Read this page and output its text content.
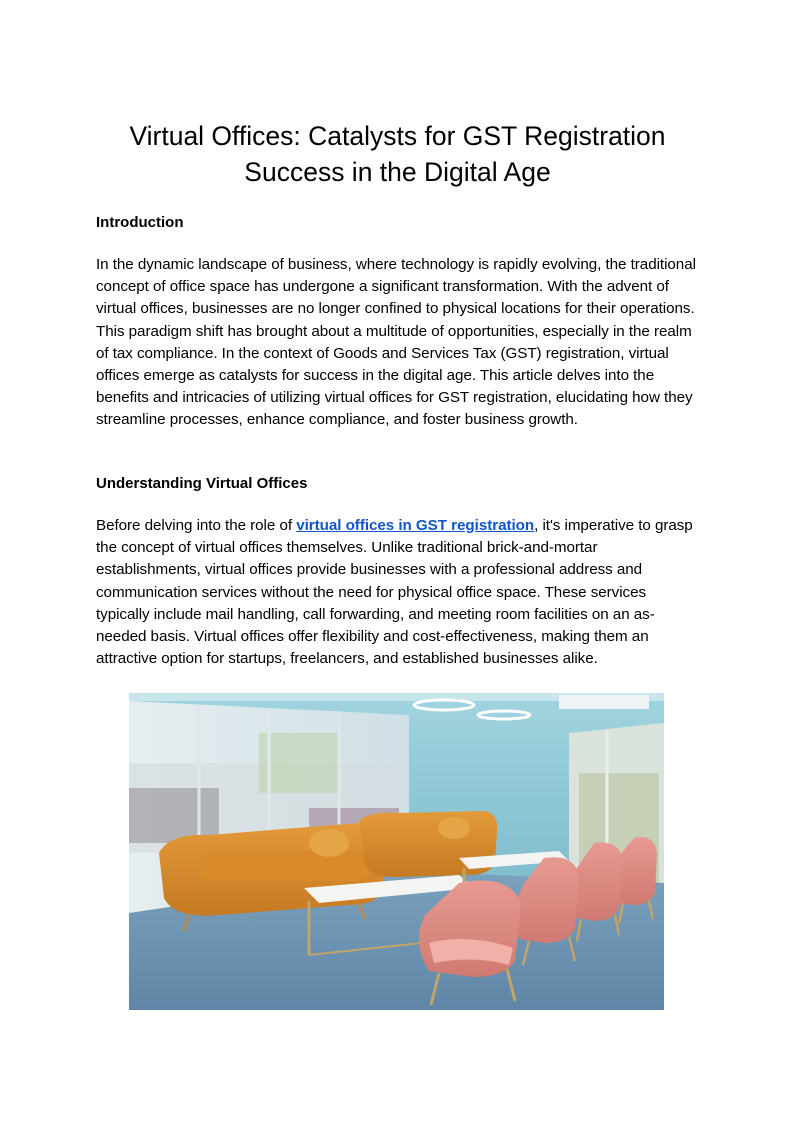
Virtual Offices: Catalysts for GST Registration Success in the Digital Age
Introduction

In the dynamic landscape of business, where technology is rapidly evolving, the traditional concept of office space has undergone a significant transformation. With the advent of virtual offices, businesses are no longer confined to physical locations for their operations. This paradigm shift has brought about a multitude of opportunities, especially in the realm of tax compliance. In the context of Goods and Services Tax (GST) registration, virtual offices emerge as catalysts for success in the digital age. This article delves into the benefits and intricacies of utilizing virtual offices for GST registration, elucidating how they streamline processes, enhance compliance, and foster business growth.

Understanding Virtual Offices

Before delving into the role of virtual offices in GST registration, it's imperative to grasp the concept of virtual offices themselves. Unlike traditional brick-and-mortar establishments, virtual offices provide businesses with a professional address and communication services without the need for physical office space. These services typically include mail handling, call forwarding, and meeting room facilities on an as-needed basis. Virtual offices offer flexibility and cost-effectiveness, making them an attractive option for startups, freelancers, and established businesses alike.
